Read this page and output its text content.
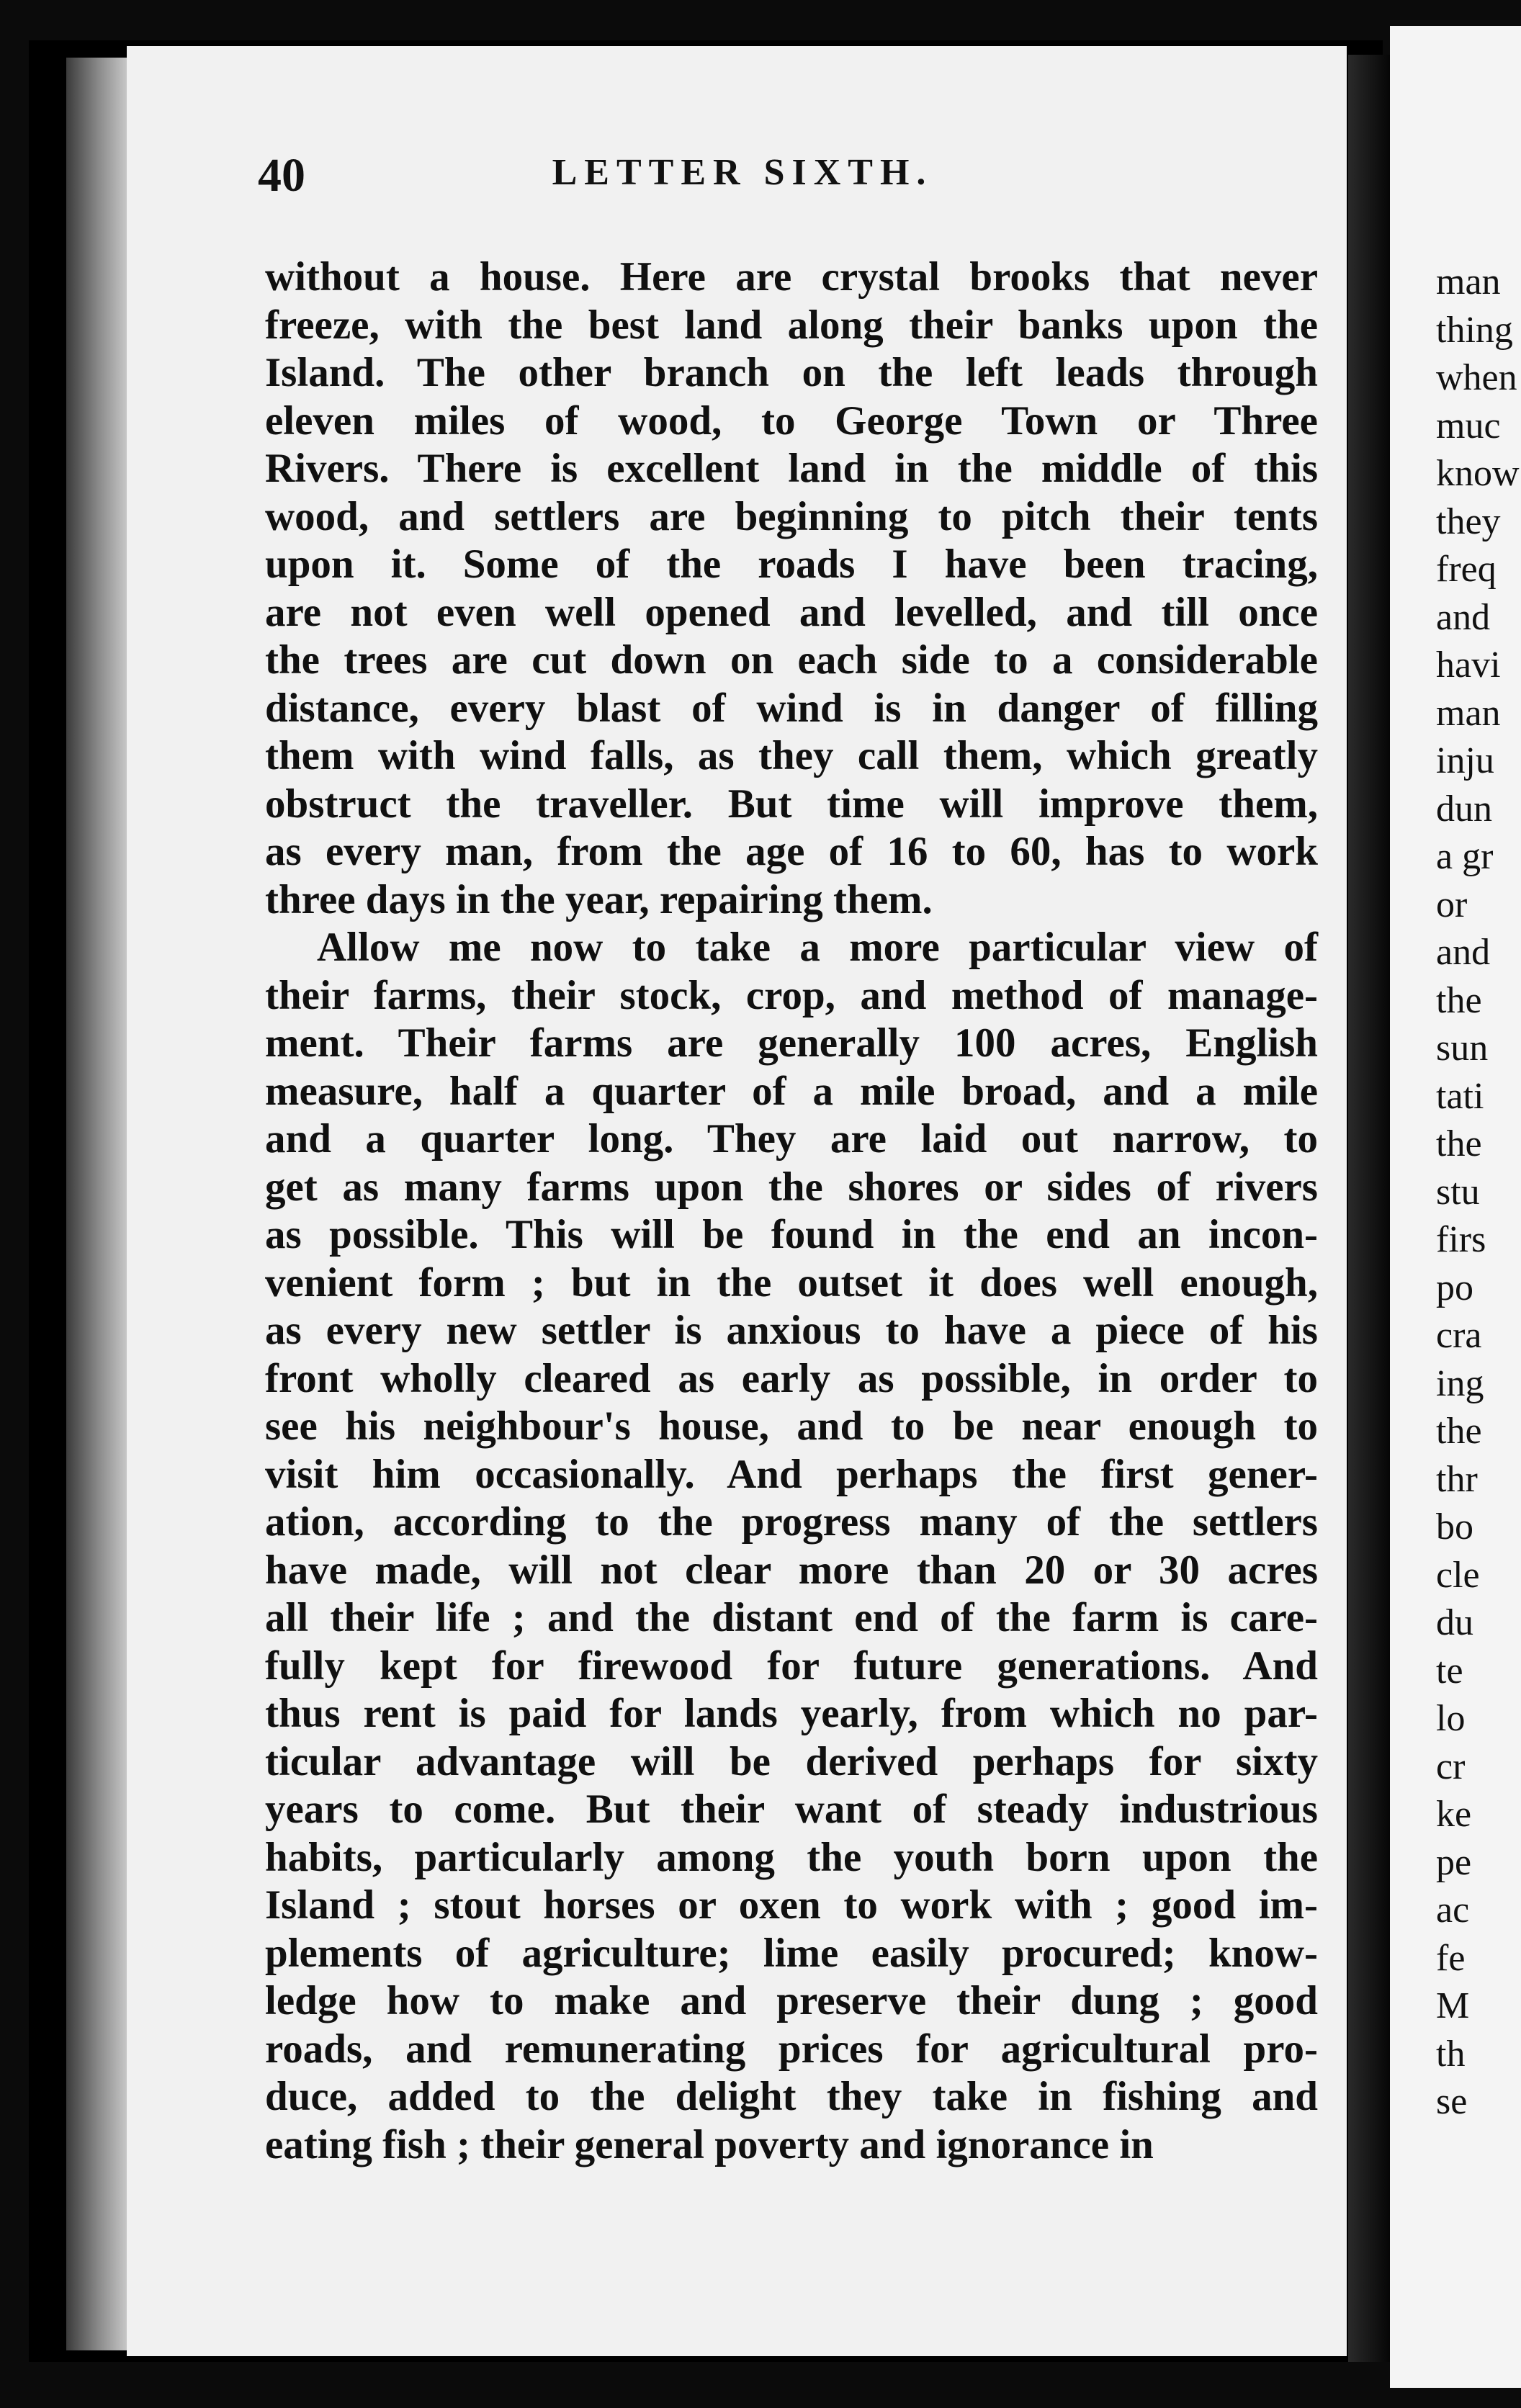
man
thing
when
muc
know
they
freq
and
havi
man
inju
dun
a gr
or
and
the
sun
tati
the
stu
firs
po
cra
ing
the
thr
bo
cle
du
te
lo
cr
ke
pe
ac
fe
M
th
se
40	LETTER SIXTH.

without a house. Here are crystal brooks that never
freeze, with the best land along their banks upon the
Island. The other branch on the left leads through
eleven miles of wood, to George Town or Three
Rivers. There is excellent land in the middle of this
wood, and settlers are beginning to pitch their tents
upon it. Some of the roads I have been tracing,
are not even well opened and levelled, and till once
the trees are cut down on each side to a considerable
distance, every blast of wind is in danger of filling
them with wind falls, as they call them, which greatly
obstruct the traveller. But time will improve them,
as every man, from the age of 16 to 60, has to work
three days in the year, repairing them.

Allow me now to take a more particular view of
their farms, their stock, crop, and method of manage-
ment. Their farms are generally 100 acres, English
measure, half a quarter of a mile broad, and a mile
and a quarter long. They are laid out narrow, to
get as many farms upon the shores or sides of rivers
as possible. This will be found in the end an incon-
venient form ; but in the outset it does well enough,
as every new settler is anxious to have a piece of his
front wholly cleared as early as possible, in order to
see his neighbour's house, and to be near enough to
visit him occasionally. And perhaps the first gener-
ation, according to the progress many of the settlers
have made, will not clear more than 20 or 30 acres
all their life ; and the distant end of the farm is care-
fully kept for firewood for future generations. And
thus rent is paid for lands yearly, from which no par-
ticular advantage will be derived perhaps for sixty
years to come. But their want of steady industrious
habits, particularly among the youth born upon the
Island ; stout horses or oxen to work with ; good im-
plements of agriculture; lime easily procured; know-
ledge how to make and preserve their dung ; good
roads, and remunerating prices for agricultural pro-
duce, added to the delight they take in fishing and
eating fish ; their general poverty and ignorance in
